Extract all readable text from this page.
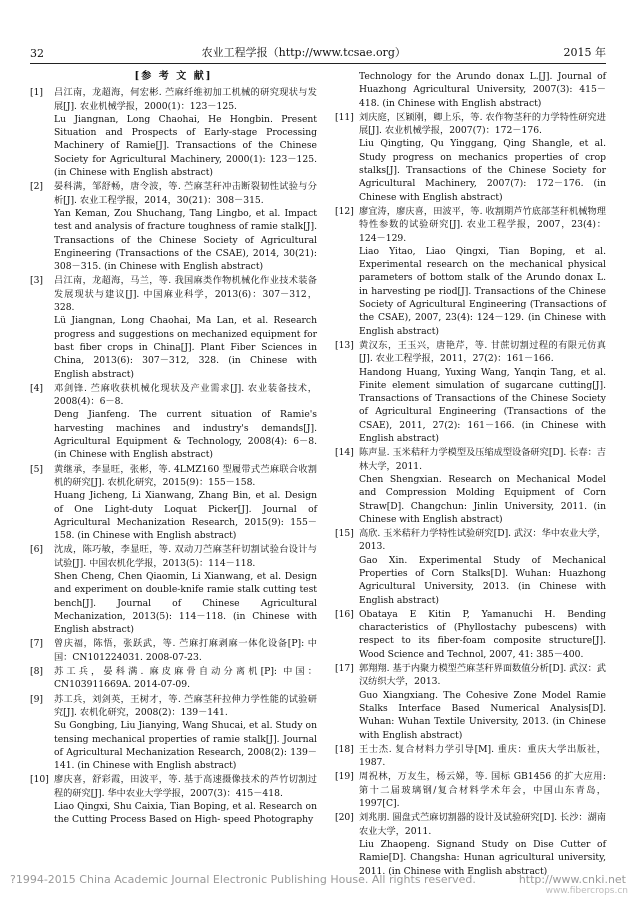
32	农业工程学报（http://www.tcsae.org）	2015 年
[参 考 文 献]
[1]	吕江南，龙超海，何宏彬. 苎麻纤维初加工机械的研究现状与发展[J]. 农业机械学报，2000(1)：123－125.
Lu Jiangnan, Long Chaohai, He Hongbin. Present Situation and Prospects of Early-stage Processing Machinery of Ramie[J]. Transactions of the Chinese Society for Agricultural Machinery, 2000(1): 123－125. (in Chinese with English abstract)
[2]	晏科满，邹舒畅，唐令波，等. 苎麻茎秆冲击断裂韧性试验与分析[J]. 农业工程学报，2014，30(21)：308－315.
Yan Keman, Zou Shuchang, Tang Lingbo, et al. Impact test and analysis of fracture toughness of ramie stalk[J]. Transactions of the Chinese Society of Agricultural Engineering (Transactions of the CSAE), 2014, 30(21): 308－315. (in Chinese with English abstract)
[3]	吕江南，龙超海，马兰，等. 我国麻类作物机械化作业技术装备发展现状与建议[J]. 中国麻业科学，2013(6)：307－312，328.
Lü Jiangnan, Long Chaohai, Ma Lan, et al. Research progress and suggestions on mechanized equipment for bast fiber crops in China[J]. Plant Fiber Sciences in China, 2013(6): 307－312, 328. (in Chinese with English abstract)
[4]	邓剑锋. 苎麻收获机械化现状及产业需求[J]. 农业装备技术，2008(4)：6－8.
Deng Jianfeng. The current situation of Ramie's harvesting machines and industry's demands[J]. Agricultural Equipment & Technology, 2008(4): 6－8. (in Chinese with English abstract)
[5]	黄继承，李显旺，张彬，等. 4LMZ160 型履带式苎麻联合收割机的研究[J]. 农机化研究，2015(9)：155－158.
Huang Jicheng, Li Xianwang, Zhang Bin, et al. Design of One Light-duty Loquat Picker[J]. Journal of Agricultural Mechanization Research, 2015(9): 155－158. (in Chinese with English abstract)
[6]	沈成，陈巧敏，李显旺，等. 双动刀苎麻茎秆切割试验台设计与试验[J]. 中国农机化学报，2013(5)：114－118.
Shen Cheng, Chen Qiaomin, Li Xianwang, et al. Design and experiment on double-knife ramie stalk cutting test bench[J]. Journal of Chinese Agricultural Mechanization, 2013(5): 114－118. (in Chinese with English abstract)
[7]	曾庆福，陈悟，张跃武，等. 苎麻打麻剥麻一体化设备[P]: 中国：CN101224031. 2008-07-23.
[8]	苏工兵，晏科满. 麻皮麻骨自动分离机[P]: 中国：CN103911669A. 2014-07-09.
[9]	苏工兵，刘剑英，王树才，等. 苎麻茎秆拉伸力学性能的试验研究[J]. 农机化研究，2008(2)：139－141.
Su Gongbing, Liu Jianying, Wang Shucai, et al. Study on tensing mechanical properties of ramie stalk[J]. Journal of Agricultural Mechanization Research, 2008(2): 139－141. (in Chinese with English abstract)
[10] 廖庆喜，舒彩霞，田波平，等. 基于高速摄像技术的芦竹切割过程的研究[J]. 华中农业大学学报，2007(3)：415－418.
Liao Qingxi, Shu Caixia, Tian Boping, et al. Research on the Cutting Process Based on High- speed Photography
Technology for the Arundo donax L.[J]. Journal of Huazhong Agricultural University, 2007(3): 415－418. (in Chinese with English abstract)
[11] 刘庆庭，区颖刚，卿上乐，等. 农作物茎秆的力学特性研究进展[J]. 农业机械学报，2007(7)：172－176.
Liu Qingting, Qu Yinggang, Qing Shangle, et al. Study progress on mechanics properties of crop stalks[J]. Transactions of the Chinese Society for Agricultural Machinery, 2007(7): 172－176. (in Chinese with English abstract)
[12] 廖宜涛，廖庆喜，田波平，等. 收割期芦竹底部茎秆机械物理特性参数的试验研究[J]. 农业工程学报，2007，23(4)：124－129.
Liao Yitao, Liao Qingxi, Tian Boping, et al. Experimental research on the mechanical physical parameters of bottom stalk of the Arundo donax L. in harvesting pe riod[J]. Transactions of the Chinese Society of Agricultural Engineering (Transactions of the CSAE), 2007, 23(4): 124－129. (in Chinese with English abstract)
[13] 黄汉东，王玉兴，唐艳芹，等. 甘蔗切割过程的有限元仿真[J]. 农业工程学报，2011，27(2)：161－166.
Handong Huang, Yuxing Wang, Yanqin Tang, et al. Finite element simulation of sugarcane cutting[J]. Transactions of Transactions of the Chinese Society of Agricultural Engineering (Transactions of the CSAE), 2011, 27(2): 161－166. (in Chinese with English abstract)
[14] 陈声显. 玉米秸秆力学模型及压缩成型设备研究[D]. 长春：吉林大学，2011.
Chen Shengxian. Research on Mechanical Model and Compression Molding Equipment of Corn Straw[D]. Changchun: Jinlin University, 2011. (in Chinese with English abstract)
[15] 高欣. 玉米秸秆力学特性试验研究[D]. 武汉：华中农业大学，2013.
Gao Xin. Experimental Study of Mechanical Properties of Corn Stalks[D]. Wuhan: Huazhong Agricultural University, 2013. (in Chinese with English abstract)
[16] Obataya E Kitin P, Yamanuchi H. Bending characteristics of (Phyllostachy pubescens) with respect to its fiber-foam composite structure[J]. Wood Science and Technol, 2007, 41: 385－400.
[17] 郭翔翔. 基于内聚力模型苎麻茎秆界面数值分析[D]. 武汉：武汉纺织大学，2013.
Guo Xiangxiang. The Cohesive Zone Model Ramie Stalks Interface Based Numerical Analysis[D]. Wuhan: Wuhan Textile University, 2013. (in Chinese with English abstract)
[18] 王士杰. 复合材料力学引导[M]. 重庆：重庆大学出版社，1987.
[19] 周祝林，万友生，杨云娣，等. 国标 GB1456 的扩大应用: 第十二届玻璃钢/复合材料学术年会，中国山东青岛，1997[C].
[20] 刘兆朋. 圆盘式苎麻切割器的设计及试验研究[D]. 长沙：湖南农业大学，2011.
Liu Zhaopeng. Signand Study on Dise Cutter of Ramie[D]. Changsha: Hunan agricultural university, 2011. (in Chinese with English abstract)
?1994-2015 China Academic Journal Electronic Publishing House. All rights reserved.	http://www.cnki.net
www.fibercrops.cn
